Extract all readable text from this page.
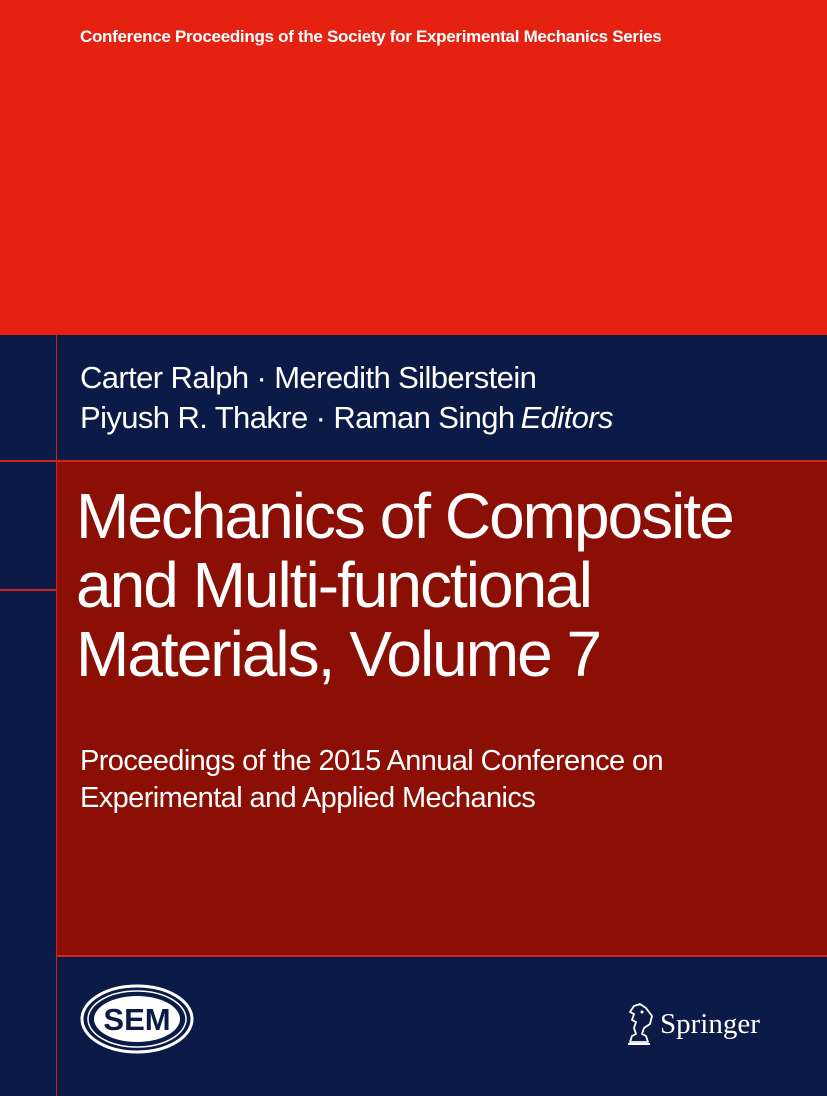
Conference Proceedings of the Society for Experimental Mechanics Series
Carter Ralph · Meredith Silberstein
Piyush R. Thakre · Raman Singh Editors
Mechanics of Composite
and Multi-functional
Materials, Volume 7
Proceedings of the 2015 Annual Conference on
Experimental and Applied Mechanics
SEM	Springer
